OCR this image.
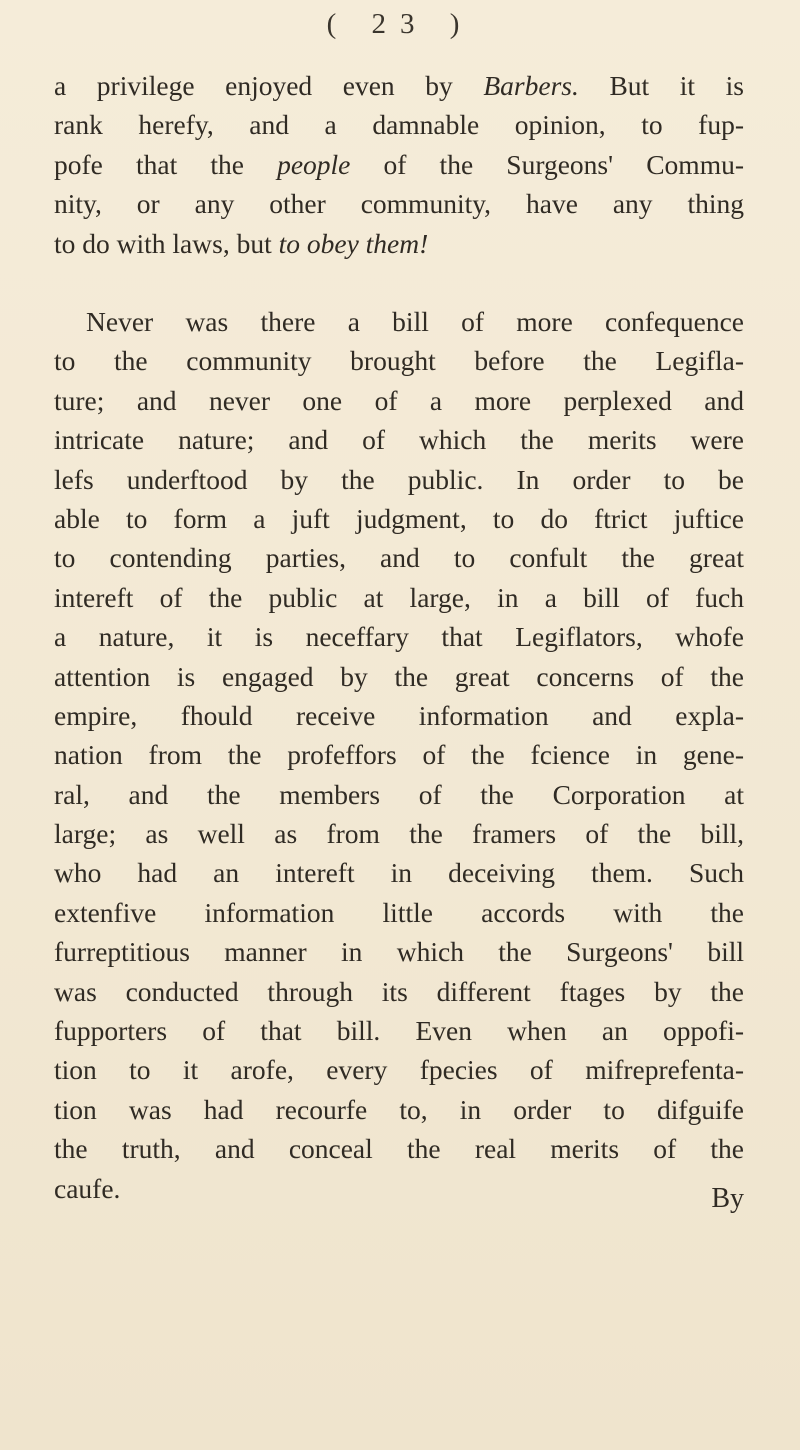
( 23 )
a privilege enjoyed even by Barbers. But it is
rank herefy, and a damnable opinion, to fup-
pofe that the people of the Surgeons' Commu-
nity, or any other community, have any thing
to do with laws, but to obey them!
Never was there a bill of more confequence
to the community brought before the Legifla-
ture; and never one of a more perplexed and
intricate nature; and of which the merits were
lefs underftood by the public. In order to be
able to form a juft judgment, to do ftrict juftice
to contending parties, and to confult the great
intereft of the public at large, in a bill of fuch
a nature, it is neceffary that Legiflators, whofe
attention is engaged by the great concerns of the
empire, fhould receive information and expla-
nation from the profeffors of the fcience in gene-
ral, and the members of the Corporation at
large; as well as from the framers of the bill,
who had an intereft in deceiving them. Such
extenfive information little accords with the
furreptitious manner in which the Surgeons' bill
was conducted through its different ftages by the
fupporters of that bill. Even when an oppofi-
tion to it arofe, every fpecies of mifreprefenta-
tion was had recourfe to, in order to difguife
the truth, and conceal the real merits of the
caufe.	By
